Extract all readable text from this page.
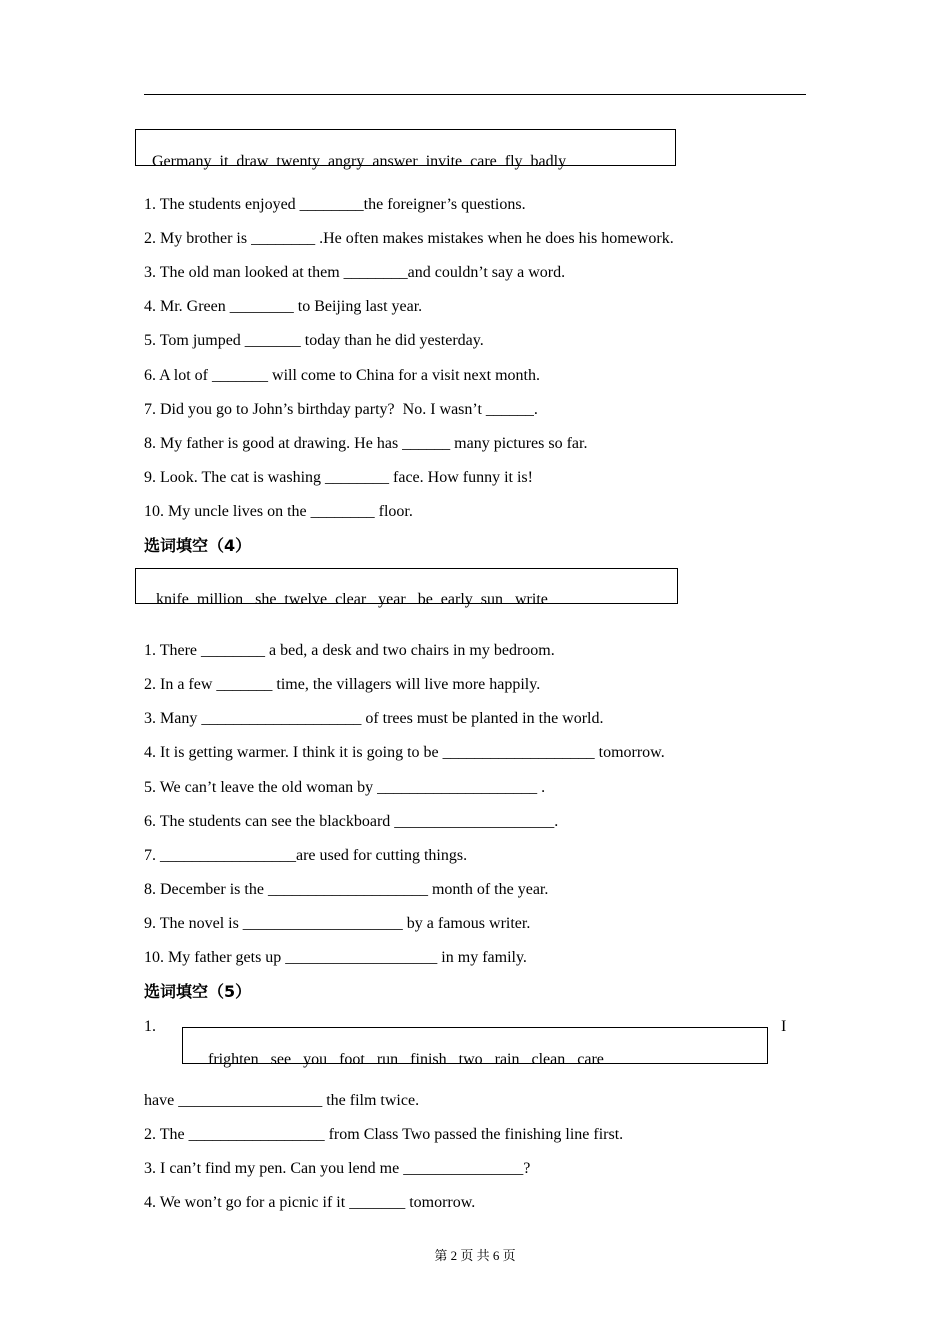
Germany  it  draw  twenty  angry  answer  invite  care  fly  badly

1. The students enjoyed ________the foreigner’s questions.
2. My brother is ________ .He often makes mistakes when he does his homework.
3. The old man looked at them ________and couldn’t say a word.
4. Mr. Green ________ to Beijing last year.
5. Tom jumped _______ today than he did yesterday.
6. A lot of _______ will come to China for a visit next month.
7. Did you go to John’s birthday party?  No. I wasn’t ______.
8. My father is good at drawing. He has ______ many pictures so far.
9. Look. The cat is washing ________ face. How funny it is!
10. My uncle lives on the ________ floor.
选词填空（4）

knife  million   she  twelve  clear   year   be  early  sun   write

1. There ________ a bed, a desk and two chairs in my bedroom.
2. In a few _______ time, the villagers will live more happily.
3. Many ____________________ of trees must be planted in the world.
4. It is getting warmer. I think it is going to be ___________________ tomorrow.
5. We can’t leave the old woman by ____________________ .
6. The students can see the blackboard ____________________.
7. _________________are used for cutting things.
8. December is the ____________________ month of the year.
9. The novel is ____________________ by a famous writer.
10. My father gets up ___________________ in my family.
选词填空（5）
1.	I

frighten   see   you   foot   run   finish   two   rain   clean   care

have __________________ the film twice.
2. The _________________ from Class Two passed the finishing line first.
3. I can’t find my pen. Can you lend me _______________?
4. We won’t go for a picnic if it _______ tomorrow.
第 2 页 共 6 页
